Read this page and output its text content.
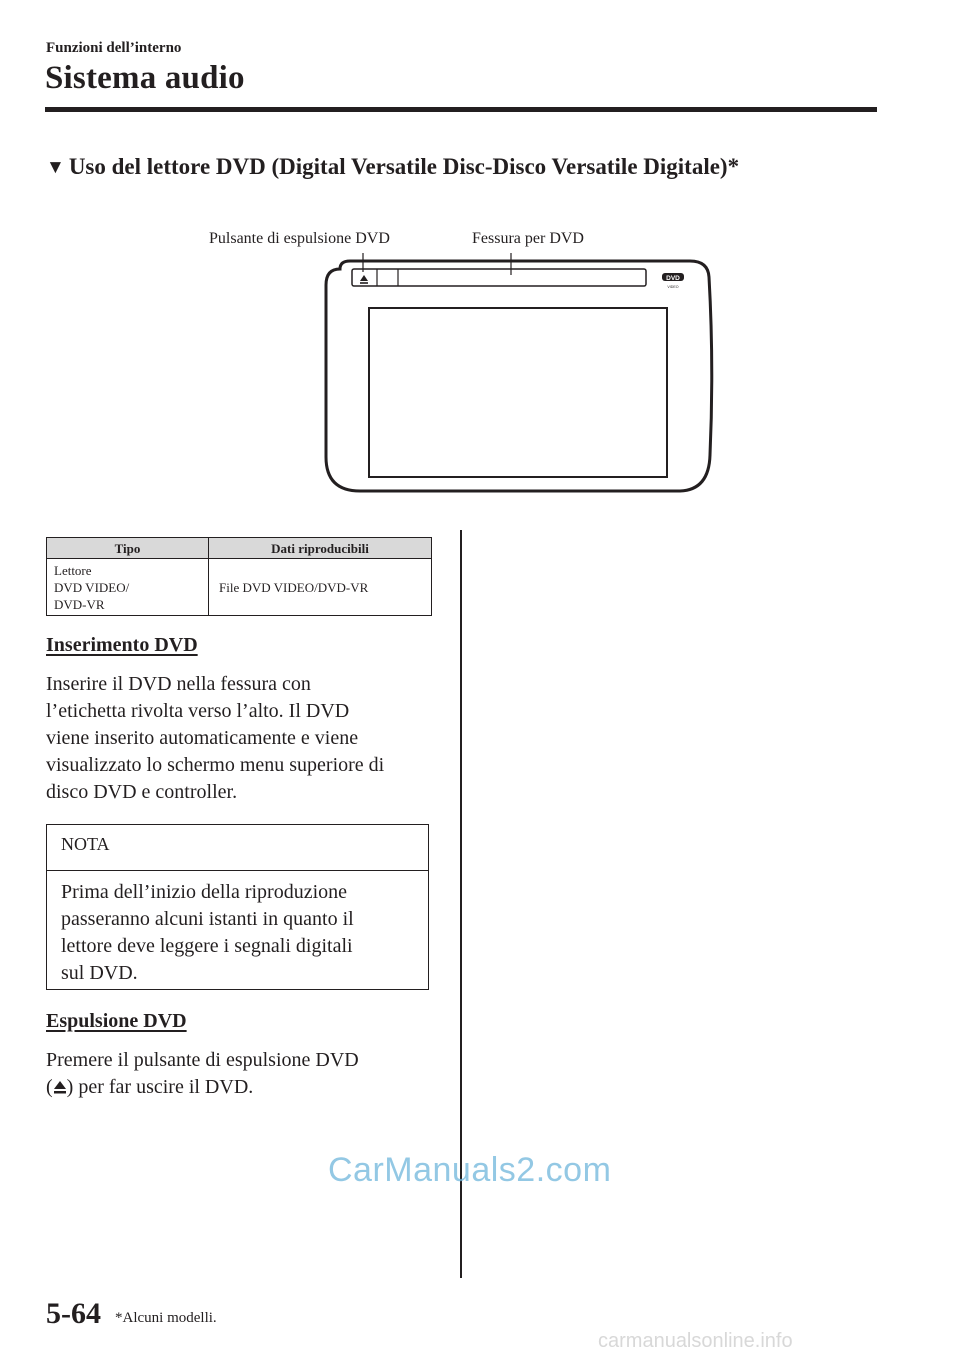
Funzioni dell’interno
Sistema audio
▼ Uso del lettore DVD (Digital Versatile Disc-Disco Versatile Digitale)*
DVD
VIDEO
Pulsante di espulsione DVD	Fessura per DVD
Tipo	Dati riproducibili

Lettore
DVD VIDEO/
DVD-VR	File DVD VIDEO/DVD-VR
Inserimento DVD
Inserire il DVD nella fessura con
l’etichetta rivolta verso l’alto. Il DVD
viene inserito automaticamente e viene
visualizzato lo schermo menu superiore di
disco DVD e controller.
NOTA
Prima dell’inizio della riproduzione
passeranno alcuni istanti in quanto il
lettore deve leggere i segnali digitali
sul DVD.
Espulsione DVD
Premere il pulsante di espulsione DVD
( ) per far uscire il DVD.
5-64 *Alcuni modelli.
CarManuals2.com
carmanualsonline.info
